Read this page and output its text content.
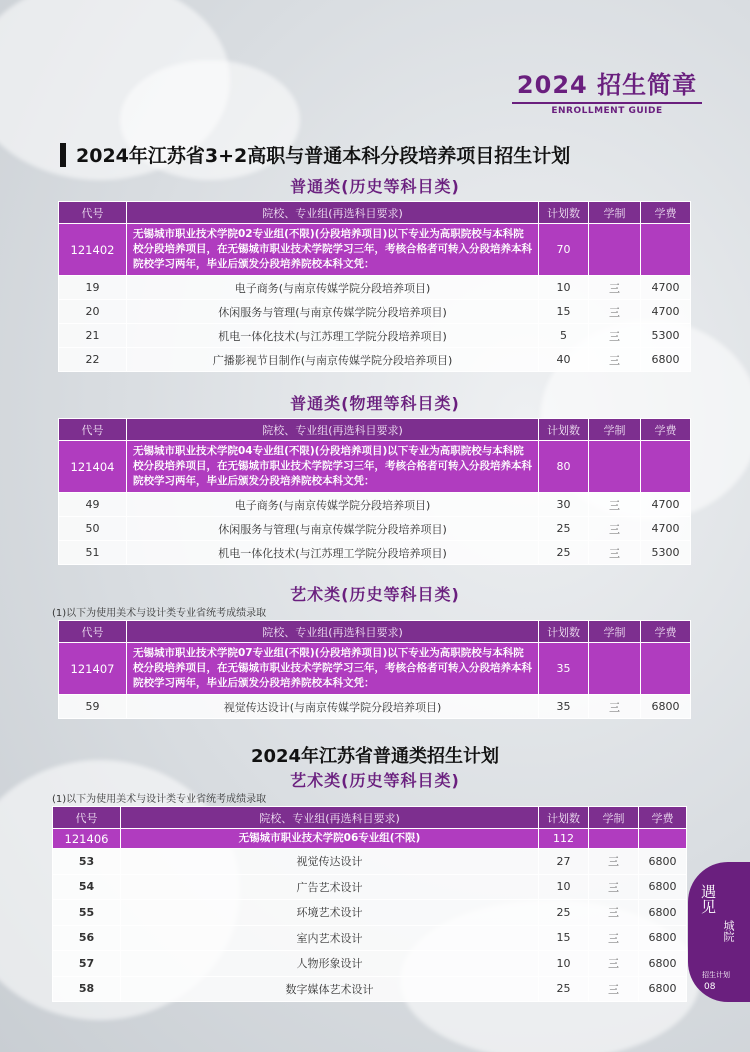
2024 招生简章
ENROLLMENT GUIDE
2024年江苏省3+2高职与普通本科分段培养项目招生计划
普通类(历史等科目类)
代号	院校、专业组(再选科目要求)	计划数	学制	学费
121402	无锡城市职业技术学院02专业组(不限)(分段培养项目)以下专业为高职院校与本科院校分段培养项目，在无锡城市职业技术学院学习三年，考核合格者可转入分段培养本科院校学习两年，毕业后颁发分段培养院校本科文凭：	70		
19	电子商务(与南京传媒学院分段培养项目)	10	三	4700
20	休闲服务与管理(与南京传媒学院分段培养项目)	15	三	4700
21	机电一体化技术(与江苏理工学院分段培养项目)	5	三	5300
22	广播影视节目制作(与南京传媒学院分段培养项目)	40	三	6800
普通类(物理等科目类)
代号	院校、专业组(再选科目要求)	计划数	学制	学费
121404	无锡城市职业技术学院04专业组(不限)(分段培养项目)以下专业为高职院校与本科院校分段培养项目，在无锡城市职业技术学院学习三年，考核合格者可转入分段培养本科院校学习两年，毕业后颁发分段培养院校本科文凭：	80		
49	电子商务(与南京传媒学院分段培养项目)	30	三	4700
50	休闲服务与管理(与南京传媒学院分段培养项目)	25	三	4700
51	机电一体化技术(与江苏理工学院分段培养项目)	25	三	5300
艺术类(历史等科目类)
(1)以下为使用美术与设计类专业省统考成绩录取
代号	院校、专业组(再选科目要求)	计划数	学制	学费
121407	无锡城市职业技术学院07专业组(不限)(分段培养项目)以下专业为高职院校与本科院校分段培养项目，在无锡城市职业技术学院学习三年，考核合格者可转入分段培养本科院校学习两年，毕业后颁发分段培养院校本科文凭：	35		
59	视觉传达设计(与南京传媒学院分段培养项目)	35	三	6800
2024年江苏省普通类招生计划
艺术类(历史等科目类)
(1)以下为使用美术与设计类专业省统考成绩录取
代号	院校、专业组(再选科目要求)	计划数	学制	学费
121406	无锡城市职业技术学院06专业组(不限)	112		
53	视觉传达设计	27	三	6800
54	广告艺术设计	10	三	6800
55	环境艺术设计	25	三	6800
56	室内艺术设计	15	三	6800
57	人物形象设计	10	三	6800
58	数字媒体艺术设计	25	三	6800
遇见
城院
招生计划
08
